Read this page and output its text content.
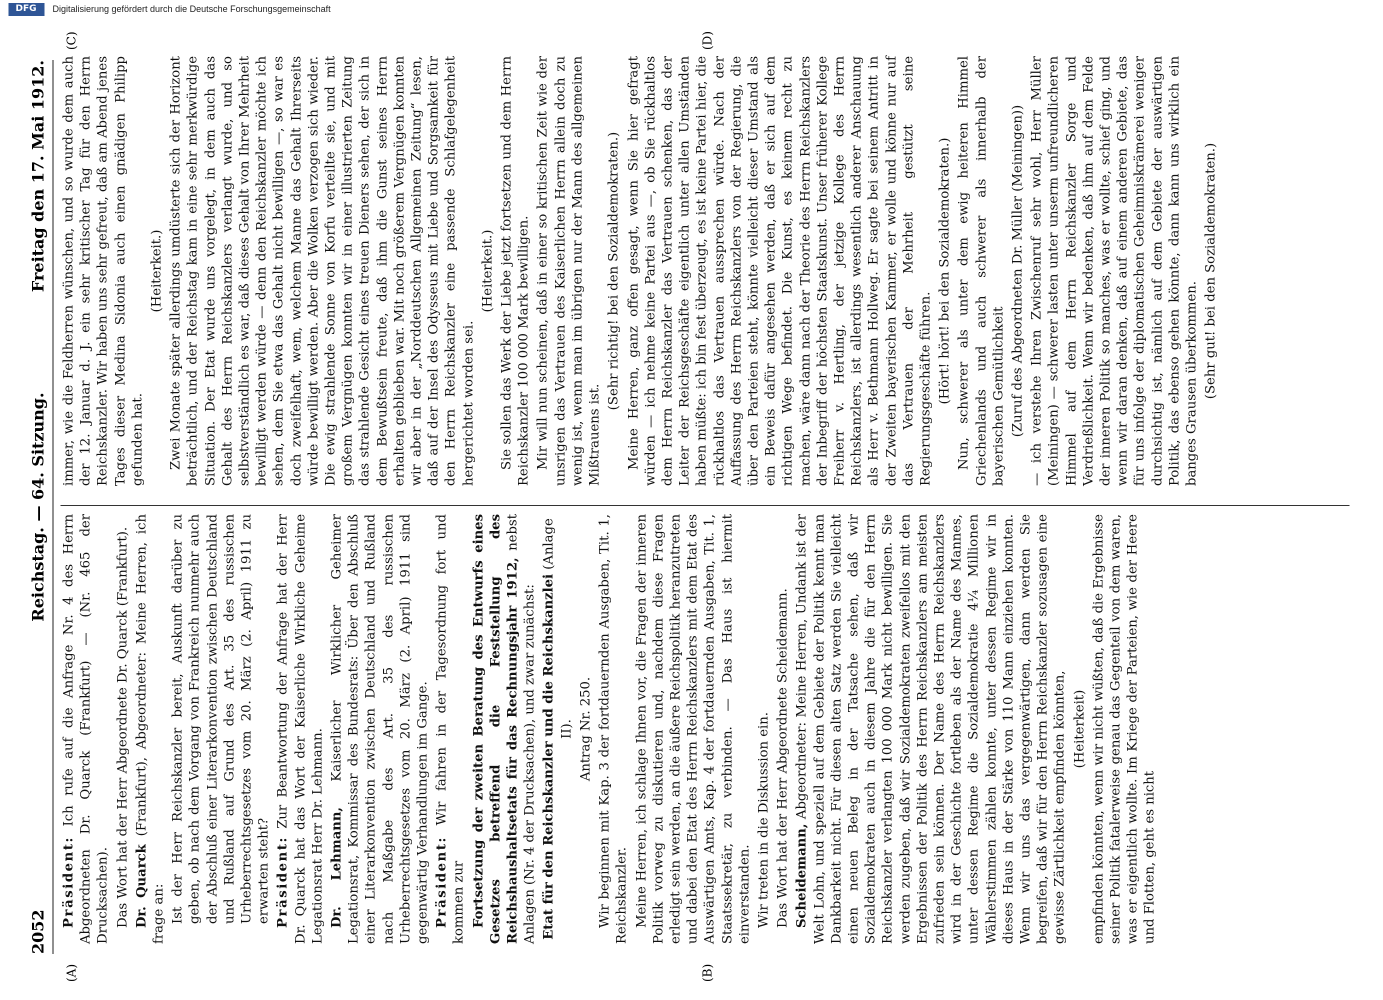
DFG	Digitalisierung gefördert durch die Deutsche Forschungsgemeinschaft
2052
Reichstag. — 64. Sitzung.
Freitag den 17. Mai 1912.
(A)	(B)
(C)	(D)

Präsident: Ich rufe auf die Anfrage Nr. 4 des Herrn Abgeordneten Dr. Quarck (Frankfurt) — (Nr. 465 der Drucksachen). Das Wort hat der Herr Abgeordnete Dr. Quarck (Frankfurt). Dr. Quarck (Frankfurt), Abgeordneter: Meine Herren, ich frage an: Ist der Herr Reichskanzler bereit, Auskunft darüber zu geben, ob nach dem Vorgang von Frankreich nunmehr auch der Abschluß einer Literarkonvention zwischen Deutschland und Rußland auf Grund des Art. 35 des russischen Urheberrechtsgesetzes vom 20. März (2. April) 1911 zu erwarten steht? Präsident: Zur Beantwortung der Anfrage hat der Herr Dr. Quarck hat das Wort der Kaiserliche Wirkliche Geheime Legationsrat Herr Dr. Lehmann. Dr. Lehmann, Kaiserlicher Wirklicher Geheimer Legationsrat, Kommissar des Bundesrats: Über den Abschluß einer Literarkonvention zwischen Deutschland und Rußland nach Maßgabe des Art. 35 des russischen Urheberrechtsgesetzes vom 20. März (2. April) 1911 sind gegenwärtig Verhandlungen im Gange. Präsident: Wir fahren in der Tagesordnung fort und kommen zur Fortsetzung der zweiten Beratung des Entwurfs eines Gesetzes betreffend die Feststellung des Reichshaushaltsetats für das Rechnungsjahr 1912, nebst Anlagen (Nr. 4 der Drucksachen), und zwar zunächst: Etat für den Reichskanzler und die Reichskanzlei (Anlage II). Antrag Nr. 250. Wir beginnen mit Kap. 3 der fortdauernden Ausgaben, Tit. 1, Reichskanzler. Meine Herren, ich schlage Ihnen vor, die Fragen der inneren Politik vorweg zu diskutieren und, nachdem diese Fragen erledigt sein werden, an die äußere Reichspolitik heranzutreten und dabei den Etat des Herrn Reichskanzlers mit dem Etat des Auswärtigen Amts, Kap. 4 der fortdauernden Ausgaben, Tit. 1, Staatssekretär, zu verbinden. — Das Haus ist hiermit einverstanden. Wir treten in die Diskussion ein. Das Wort hat der Herr Abgeordnete Scheidemann. Scheidemann, Abgeordneter: Meine Herren, Undank ist der Welt Lohn, und speziell auf dem Gebiete der Politik kennt man Dankbarkeit nicht. Für diesen alten Satz werden Sie vielleicht einen neuen Beleg in der Tatsache sehen, daß wir Sozialdemokraten auch in diesem Jahre die für den Herrn Reichskanzler verlangten 100 000 Mark nicht bewilligen. Sie werden zugeben, daß wir Sozialdemokraten zweifellos mit den Ergebnissen der Politik des Herrn Reichskanzlers am meisten zufrieden sein können. Der Name des Herrn Reichskanzlers wird in der Geschichte fortleben als der Name des Mannes, unter dessen Regime die Sozialdemokratie 4¼ Millionen Wählerstimmen zählen konnte, unter dessen Regime wir in dieses Haus in der Stärke von 110 Mann einziehen konnten. Wenn wir uns das vergegenwärtigen, dann werden Sie begreifen, daß wir für den Herrn Reichskanzler sozusagen eine gewisse Zärtlichkeit empfinden könnten, (Heiterkeit) empfinden könnten, wenn wir nicht wüßten, daß die Ergebnisse seiner Politik fatalerweise genau das Gegenteil von dem waren, was er eigentlich wollte. Im Kriege der Parteien, wie der Heere und Flotten, geht es nicht

immer, wie die Feldherren wünschen, und so wurde dem auch der 12. Januar d. J. ein sehr kritischer Tag für den Herrn Reichskanzler. Wir haben uns sehr gefreut, daß am Abend jenes Tages dieser Medina Sidonia auch einen gnädigen Philipp gefunden hat.

(Heiterkeit.) Zwei Monate später allerdings umdüsterte sich der Horizont beträchtlich, und der Reichstag kam in eine sehr merkwürdige Situation. Der Etat wurde uns vorgelegt, in dem auch das Gehalt des Herrn Reichskanzlers verlangt wurde, und so selbstverständlich es war, daß dieses Gehalt von Ihrer Mehrheit bewilligt werden würde — denn den Reichskanzler möchte ich sehen, dem Sie etwa das Gehalt nicht bewilligen —, so war es doch zweifelhaft, wem, welchem Manne das Gehalt Ihrerseits würde bewilligt werden. Aber die Wolken verzogen sich wieder. Die ewig strahlende Sonne von Korfu verteilte sie, und mit großem Vergnügen konnten wir in einer illustrierten Zeitung das strahlende Gesicht eines treuen Dieners sehen, der sich in dem Bewußtsein freute, daß ihm die Gunst seines Herrn erhalten geblieben war. Mit noch größerem Vergnügen konnten wir aber in der „Norddeutschen Allgemeinen Zeitung“ lesen, daß auf der Insel des Odysseus mit Liebe und Sorgsamkeit für den Herrn Reichskanzler eine passende Schlafgelegenheit hergerichtet worden sei.

(Heiterkeit.) Sie sollen das Werk der Liebe jetzt fortsetzen und dem Herrn Reichskanzler 100 000 Mark bewilligen. Mir will nun scheinen, daß in einer so kritischen Zeit wie der unsrigen das Vertrauen des Kaiserlichen Herrn allein doch zu wenig ist, wenn man im übrigen nur der Mann des allgemeinen Mißtrauens ist.

(Sehr richtig! bei den Sozialdemokraten.) Meine Herren, ganz offen gesagt, wenn Sie hier gefragt würden — ich nehme keine Partei aus —, ob Sie rückhaltlos dem Herrn Reichskanzler das Vertrauen schenken, das der Leiter der Reichsgeschäfte eigentlich unter allen Umständen haben müßte: ich bin fest überzeugt, es ist keine Partei hier, die rückhaltlos das Vertrauen aussprechen würde. Nach der Auffassung des Herrn Reichskanzlers von der Regierung, die über den Parteien steht, könnte vielleicht dieser Umstand als ein Beweis dafür angesehen werden, daß er sich auf dem richtigen Wege befindet. Die Kunst, es keinem recht zu machen, wäre dann nach der Theorie des Herrn Reichskanzlers der Inbegriff der höchsten Staatskunst. Unser früherer Kollege Freiherr v. Hertling, der jetzige Kollege des Herrn Reichskanzlers, ist allerdings wesentlich anderer Anschauung als Herr v. Bethmann Hollweg. Er sagte bei seinem Antritt in der Zweiten bayerischen Kammer, er wolle und könne nur auf das Vertrauen der Mehrheit gestützt seine Regierungsgeschäfte führen. (Hört! hört! bei den Sozialdemokraten.) Nun, schwerer als unter dem ewig heiteren Himmel Griechenlands und auch schwerer als innerhalb der bayerischen Gemütlichkeit (Zuruf des Abgeordneten Dr. Müller (Meiningen)) — ich verstehe Ihren Zwischenruf sehr wohl, Herr Müller (Meiningen) — schwerer lasten unter unserm unfreundlicheren Himmel auf dem Herrn Reichskanzler Sorge und Verdrießlichkeit. Wenn wir bedenken, daß ihm auf dem Felde der inneren Politik so manches, was er wollte, schief ging, und wenn wir daran denken, daß auf einem anderen Gebiete, das für uns infolge der diplomatischen Geheimniskrämerei weniger durchsichtig ist, nämlich auf dem Gebiete der auswärtigen Politik, das ebenso gehen könnte, dann kann uns wirklich ein banges Grausen überkommen. (Sehr gut! bei den Sozialdemokraten.)
